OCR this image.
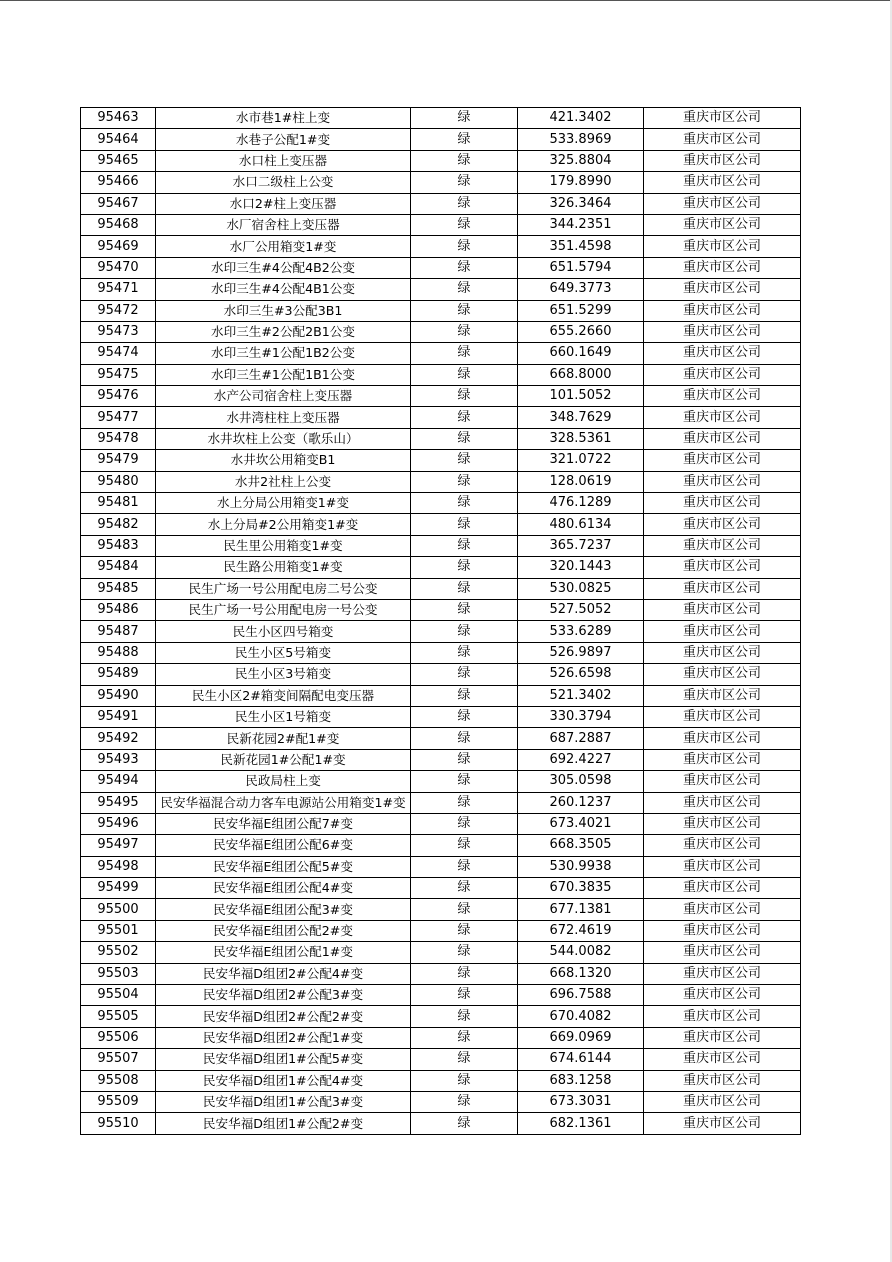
95463	水市巷1#柱上变	绿	421.3402	重庆市区公司
95464	水巷子公配1#变	绿	533.8969	重庆市区公司
95465	水口柱上变压器	绿	325.8804	重庆市区公司
95466	水口二级柱上公变	绿	179.8990	重庆市区公司
95467	水口2#柱上变压器	绿	326.3464	重庆市区公司
95468	水厂宿舍柱上变压器	绿	344.2351	重庆市区公司
95469	水厂公用箱变1#变	绿	351.4598	重庆市区公司
95470	水印三生#4公配4B2公变	绿	651.5794	重庆市区公司
95471	水印三生#4公配4B1公变	绿	649.3773	重庆市区公司
95472	水印三生#3公配3B1	绿	651.5299	重庆市区公司
95473	水印三生#2公配2B1公变	绿	655.2660	重庆市区公司
95474	水印三生#1公配1B2公变	绿	660.1649	重庆市区公司
95475	水印三生#1公配1B1公变	绿	668.8000	重庆市区公司
95476	水产公司宿舍柱上变压器	绿	101.5052	重庆市区公司
95477	水井湾柱柱上变压器	绿	348.7629	重庆市区公司
95478	水井坎柱上公变（歌乐山）	绿	328.5361	重庆市区公司
95479	水井坎公用箱变B1	绿	321.0722	重庆市区公司
95480	水井2社柱上公变	绿	128.0619	重庆市区公司
95481	水上分局公用箱变1#变	绿	476.1289	重庆市区公司
95482	水上分局#2公用箱变1#变	绿	480.6134	重庆市区公司
95483	民生里公用箱变1#变	绿	365.7237	重庆市区公司
95484	民生路公用箱变1#变	绿	320.1443	重庆市区公司
95485	民生广场一号公用配电房二号公变	绿	530.0825	重庆市区公司
95486	民生广场一号公用配电房一号公变	绿	527.5052	重庆市区公司
95487	民生小区四号箱变	绿	533.6289	重庆市区公司
95488	民生小区5号箱变	绿	526.9897	重庆市区公司
95489	民生小区3号箱变	绿	526.6598	重庆市区公司
95490	民生小区2#箱变间隔配电变压器	绿	521.3402	重庆市区公司
95491	民生小区1号箱变	绿	330.3794	重庆市区公司
95492	民新花园2#配1#变	绿	687.2887	重庆市区公司
95493	民新花园1#公配1#变	绿	692.4227	重庆市区公司
95494	民政局柱上变	绿	305.0598	重庆市区公司
95495	民安华福混合动力客车电源站公用箱变1#变	绿	260.1237	重庆市区公司
95496	民安华福E组团公配7#变	绿	673.4021	重庆市区公司
95497	民安华福E组团公配6#变	绿	668.3505	重庆市区公司
95498	民安华福E组团公配5#变	绿	530.9938	重庆市区公司
95499	民安华福E组团公配4#变	绿	670.3835	重庆市区公司
95500	民安华福E组团公配3#变	绿	677.1381	重庆市区公司
95501	民安华福E组团公配2#变	绿	672.4619	重庆市区公司
95502	民安华福E组团公配1#变	绿	544.0082	重庆市区公司
95503	民安华福D组团2#公配4#变	绿	668.1320	重庆市区公司
95504	民安华福D组团2#公配3#变	绿	696.7588	重庆市区公司
95505	民安华福D组团2#公配2#变	绿	670.4082	重庆市区公司
95506	民安华福D组团2#公配1#变	绿	669.0969	重庆市区公司
95507	民安华福D组团1#公配5#变	绿	674.6144	重庆市区公司
95508	民安华福D组团1#公配4#变	绿	683.1258	重庆市区公司
95509	民安华福D组团1#公配3#变	绿	673.3031	重庆市区公司
95510	民安华福D组团1#公配2#变	绿	682.1361	重庆市区公司
